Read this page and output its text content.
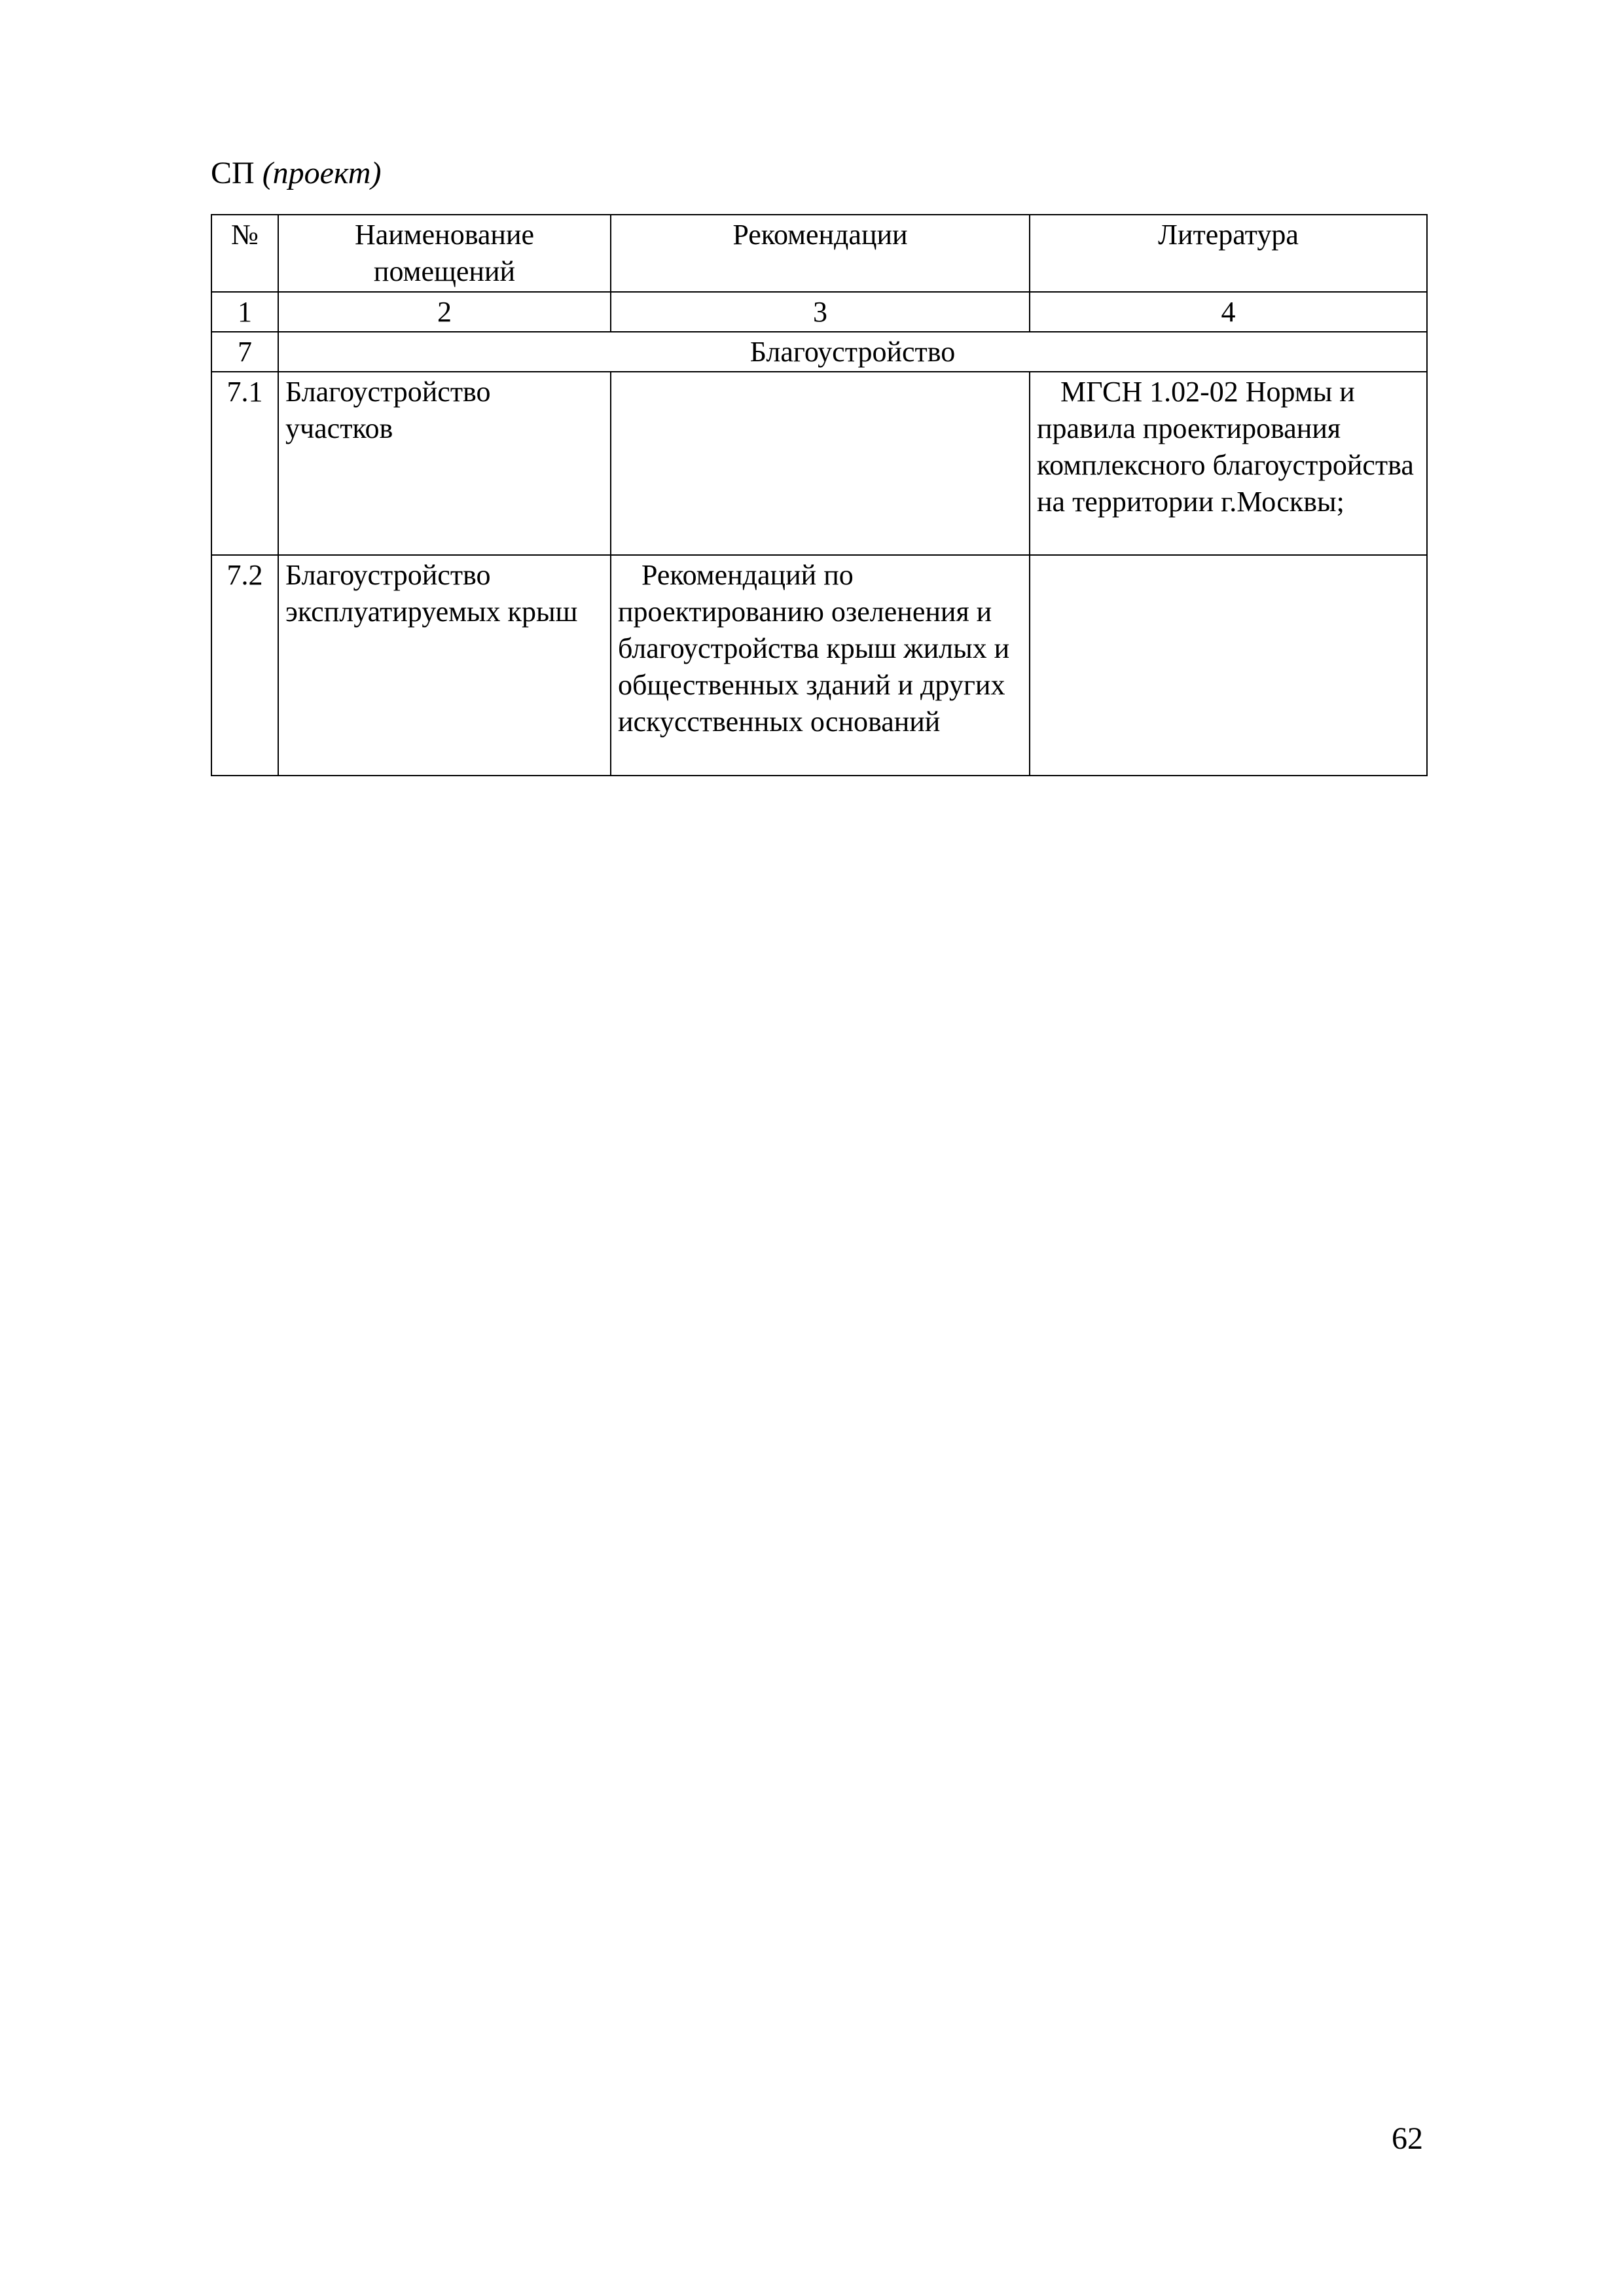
СП (проект)
№	Наименование помещений	Рекомендации	Литература
1	2	3	4
7	Благоустройство		
7.1	Благоустройство участков		МГСН 1.02-02 Нормы и правила проектирования комплексного благоустройства на территории г.Москвы;
7.2	Благоустройство эксплуатируемых крыш	Рекомендаций по проектированию озеленения и благоустройства крыш жилых и общественных зданий и других искусственных оснований	
62
